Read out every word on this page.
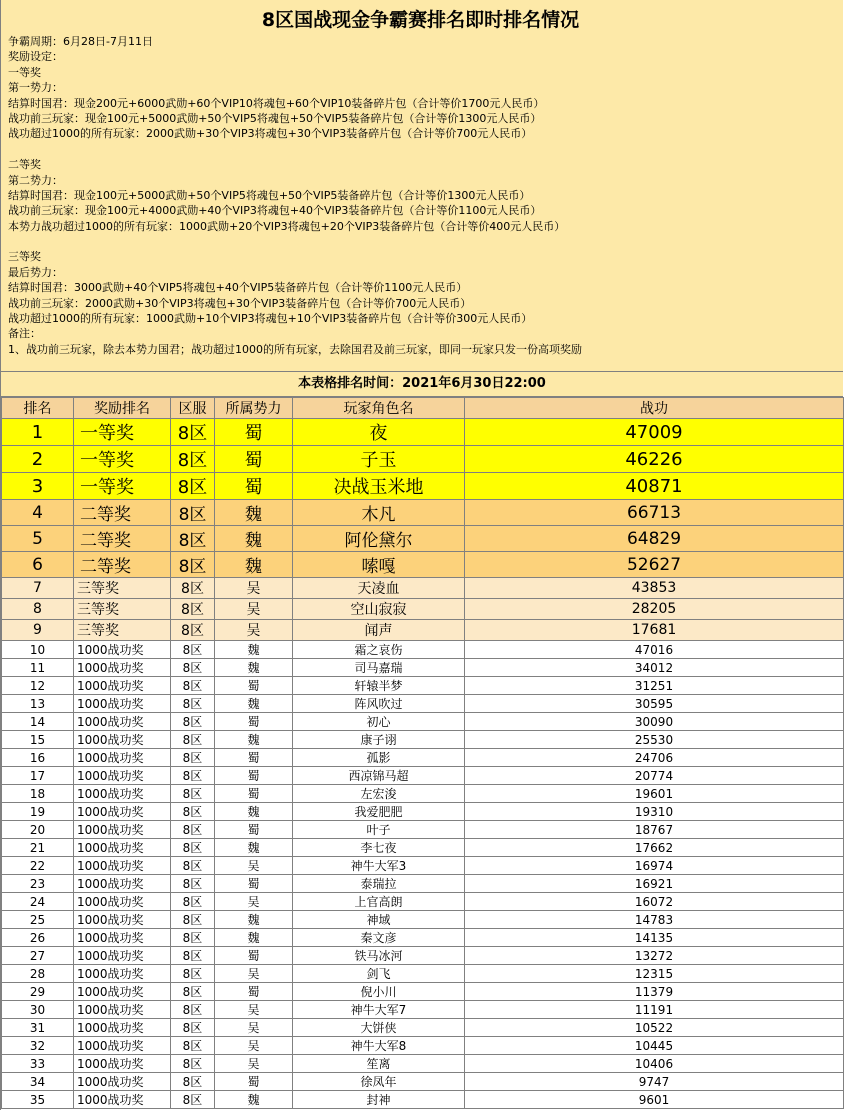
8区国战现金争霸赛排名即时排名情况
争霸周期：6月28日-7月11日
奖励设定：
一等奖
第一势力：
结算时国君：现金200元+6000武勋+60个VIP10将魂包+60个VIP10装备碎片包（合计等价1700元人民币）
战功前三玩家：现金100元+5000武勋+50个VIP5将魂包+50个VIP5装备碎片包（合计等价1300元人民币）
战功超过1000的所有玩家：2000武勋+30个VIP3将魂包+30个VIP3装备碎片包（合计等价700元人民币）
二等奖
第二势力：
结算时国君：现金100元+5000武勋+50个VIP5将魂包+50个VIP5装备碎片包（合计等价1300元人民币）
战功前三玩家：现金100元+4000武勋+40个VIP3将魂包+40个VIP3装备碎片包（合计等价1100元人民币）
本势力战功超过1000的所有玩家：1000武勋+20个VIP3将魂包+20个VIP3装备碎片包（合计等价400元人民币）
三等奖
最后势力：
结算时国君：3000武勋+40个VIP5将魂包+40个VIP5装备碎片包（合计等价1100元人民币）
战功前三玩家：2000武勋+30个VIP3将魂包+30个VIP3装备碎片包（合计等价700元人民币）
战功超过1000的所有玩家：1000武勋+10个VIP3将魂包+10个VIP3装备碎片包（合计等价300元人民币）
备注：
1、战功前三玩家，除去本势力国君；战功超过1000的所有玩家，去除国君及前三玩家，即同一玩家只发一份高项奖励
本表格排名时间：2021年6月30日22:00
排名	奖励排名	区服	所属势力	玩家角色名	战功
1	一等奖	8区	蜀	夜	47009
2	一等奖	8区	蜀	子玉	46226
3	一等奖	8区	蜀	决战玉米地	40871
4	二等奖	8区	魏	木凡	66713
5	二等奖	8区	魏	阿伦黛尔	64829
6	二等奖	8区	魏	嗦嘎	52627
7	三等奖	8区	吴	天凌血	43853
8	三等奖	8区	吴	空山寂寂	28205
9	三等奖	8区	吴	闻声	17681
10	1000战功奖	8区	魏	霜之哀伤	47016
11	1000战功奖	8区	魏	司马嘉瑞	34012
12	1000战功奖	8区	蜀	轩辕半梦	31251
13	1000战功奖	8区	魏	阵风吹过	30595
14	1000战功奖	8区	蜀	初心	30090
15	1000战功奖	8区	魏	康子诩	25530
16	1000战功奖	8区	蜀	孤影	24706
17	1000战功奖	8区	蜀	西凉锦马超	20774
18	1000战功奖	8区	蜀	左宏浚	19601
19	1000战功奖	8区	魏	我爱肥肥	19310
20	1000战功奖	8区	蜀	叶子	18767
21	1000战功奖	8区	魏	李七夜	17662
22	1000战功奖	8区	吴	神牛大军3	16974
23	1000战功奖	8区	蜀	泰瑞拉	16921
24	1000战功奖	8区	吴	上官高朗	16072
25	1000战功奖	8区	魏	神域	14783
26	1000战功奖	8区	魏	秦文彦	14135
27	1000战功奖	8区	蜀	铁马冰河	13272
28	1000战功奖	8区	吴	剑飞	12315
29	1000战功奖	8区	蜀	倪小川	11379
30	1000战功奖	8区	吴	神牛大军7	11191
31	1000战功奖	8区	吴	大饼侠	10522
32	1000战功奖	8区	吴	神牛大军8	10445
33	1000战功奖	8区	吴	笙离	10406
34	1000战功奖	8区	蜀	徐凤年	9747
35	1000战功奖	8区	魏	封神	9601
